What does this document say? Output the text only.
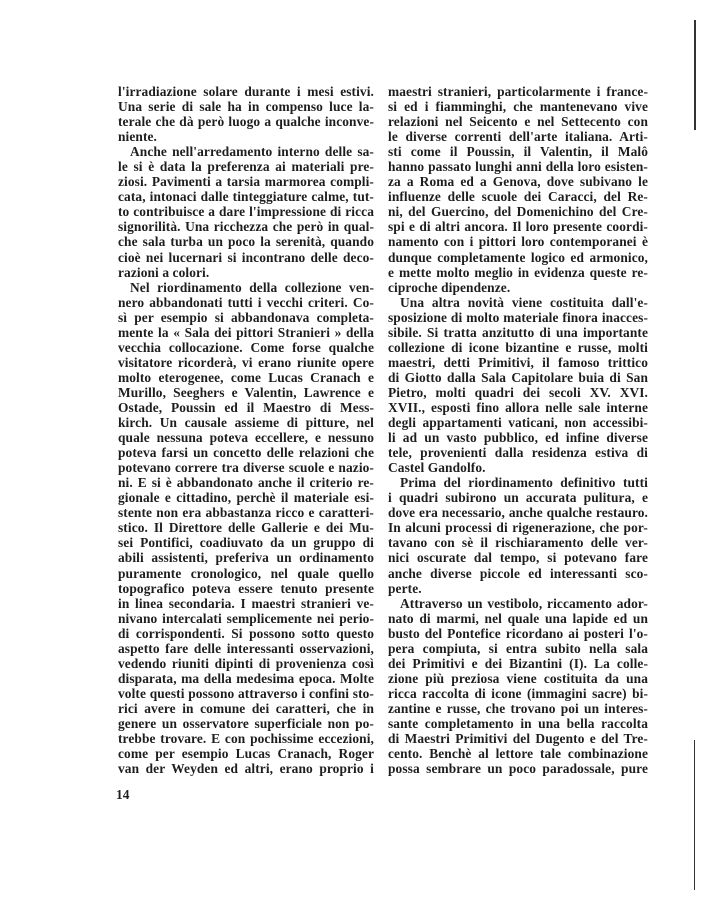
l'irradiazione solare durante i mesi estivi.
Una serie di sale ha in compenso luce la-
terale che dà però luogo a qualche inconve-
niente.
Anche nell'arredamento interno delle sa-
le si è data la preferenza ai materiali pre-
ziosi. Pavimenti a tarsia marmorea compli-
cata, intonaci dalle tinteggiature calme, tut-
to contribuisce a dare l'impressione di ricca
signorilità. Una ricchezza che però in qual-
che sala turba un poco la serenità, quando
cioè nei lucernari si incontrano delle deco-
razioni a colori.
Nel riordinamento della collezione ven-
nero abbandonati tutti i vecchi criteri. Co-
sì per esempio si abbandonava completa-
mente la « Sala dei pittori Stranieri » della
vecchia collocazione. Come forse qualche
visitatore ricorderà, vi erano riunite opere
molto eterogenee, come Lucas Cranach e
Murillo, Seeghers e Valentin, Lawrence e
Ostade, Poussin ed il Maestro di Mess-
kirch. Un causale assieme di pitture, nel
quale nessuna poteva eccellere, e nessuno
poteva farsi un concetto delle relazioni che
potevano correre tra diverse scuole e nazio-
ni. E si è abbandonato anche il criterio re-
gionale e cittadino, perchè il materiale esi-
stente non era abbastanza ricco e caratteri-
stico. Il Direttore delle Gallerie e dei Mu-
sei Pontifici, coadiuvato da un gruppo di
abili assistenti, preferiva un ordinamento
puramente cronologico, nel quale quello
topografico poteva essere tenuto presente
in linea secondaria. I maestri stranieri ve-
nivano intercalati semplicemente nei perio-
di corrispondenti. Si possono sotto questo
aspetto fare delle interessanti osservazioni,
vedendo riuniti dipinti di provenienza così
disparata, ma della medesima epoca. Molte
volte questi possono attraverso i confini sto-
rici avere in comune dei caratteri, che in
genere un osservatore superficiale non po-
trebbe trovare. E con pochissime eccezioni,
come per esempio Lucas Cranach, Roger
van der Weyden ed altri, erano proprio i
maestri stranieri, particolarmente i france-
si ed i fiamminghi, che mantenevano vive
relazioni nel Seicento e nel Settecento con
le diverse correnti dell'arte italiana. Arti-
sti come il Poussin, il Valentin, il Malô
hanno passato lunghi anni della loro esisten-
za a Roma ed a Genova, dove subivano le
influenze delle scuole dei Caracci, del Re-
ni, del Guercino, del Domenichino del Cre-
spi e di altri ancora. Il loro presente coordi-
namento con i pittori loro contemporanei è
dunque completamente logico ed armonico,
e mette molto meglio in evidenza queste re-
ciproche dipendenze.
Una altra novità viene costituita dall'e-
sposizione di molto materiale finora inacces-
sibile. Si tratta anzitutto di una importante
collezione di icone bizantine e russe, molti
maestri, detti Primitivi, il famoso trittico
di Giotto dalla Sala Capitolare buia di San
Pietro, molti quadri dei secoli XV. XVI.
XVII., esposti fino allora nelle sale interne
degli appartamenti vaticani, non accessibi-
li ad un vasto pubblico, ed infine diverse
tele, provenienti dalla residenza estiva di
Castel Gandolfo.
Prima del riordinamento definitivo tutti
i quadri subirono un accurata pulitura, e
dove era necessario, anche qualche restauro.
In alcuni processi di rigenerazione, che por-
tavano con sè il rischiaramento delle ver-
nici oscurate dal tempo, si potevano fare
anche diverse piccole ed interessanti sco-
perte.
Attraverso un vestibolo, riccamento ador-
nato di marmi, nel quale una lapide ed un
busto del Pontefice ricordano ai posteri l'o-
pera compiuta, si entra subito nella sala
dei Primitivi e dei Bizantini (I). La colle-
zione più preziosa viene costituita da una
ricca raccolta di icone (immagini sacre) bi-
zantine e russe, che trovano poi un interes-
sante completamento in una bella raccolta
di Maestri Primitivi del Dugento e del Tre-
cento. Benchè al lettore tale combinazione
possa sembrare un poco paradossale, pure
14
